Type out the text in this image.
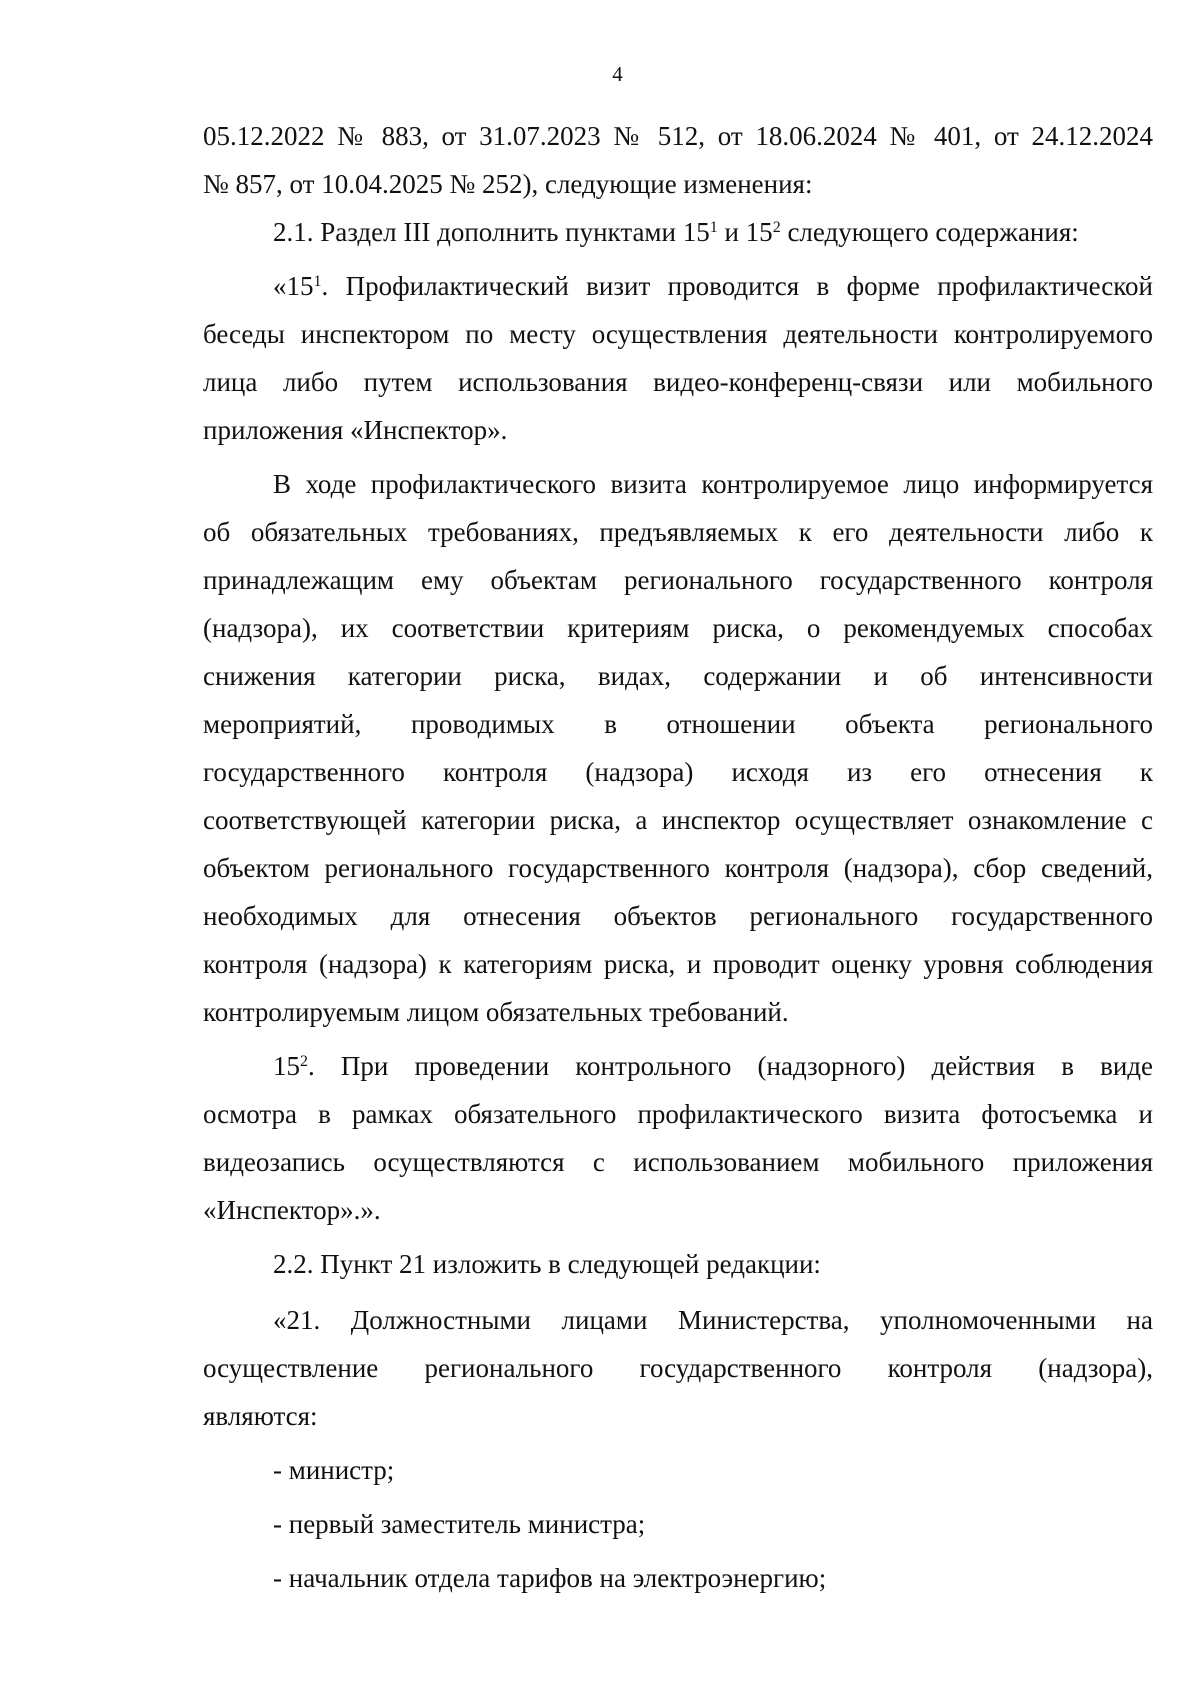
4
05.12.2022 № 883, от 31.07.2023 № 512, от 18.06.2024 № 401, от 24.12.2024
№ 857, от 10.04.2025 № 252), следующие изменения:
2.1. Раздел III дополнить пунктами $15^1$ и $15^2$ следующего содержания:
«$15^1$. Профилактический визит проводится в форме профилактической
беседы инспектором по месту осуществления деятельности контролируемого
лица либо путем использования видео-конференц-связи или мобильного
приложения «Инспектор».
В ходе профилактического визита контролируемое лицо информируется
об обязательных требованиях, предъявляемых к его деятельности либо к
принадлежащим ему объектам регионального государственного контроля
(надзора), их соответствии критериям риска, о рекомендуемых способах
снижения категории риска, видах, содержании и об интенсивности
мероприятий, проводимых в отношении объекта регионального
государственного контроля (надзора) исходя из его отнесения к
соответствующей категории риска, а инспектор осуществляет ознакомление с
объектом регионального государственного контроля (надзора), сбор сведений,
необходимых для отнесения объектов регионального государственного
контроля (надзора) к категориям риска, и проводит оценку уровня соблюдения
контролируемым лицом обязательных требований.
$15^2$. При проведении контрольного (надзорного) действия в виде
осмотра в рамках обязательного профилактического визита фотосъемка и
видеозапись осуществляются с использованием мобильного приложения
«Инспектор».».
2.2. Пункт 21 изложить в следующей редакции:
«21. Должностными лицами Министерства, уполномоченными на
осуществление регионального государственного контроля (надзора),
являются:
- министр;
- первый заместитель министра;
- начальник отдела тарифов на электроэнергию;
